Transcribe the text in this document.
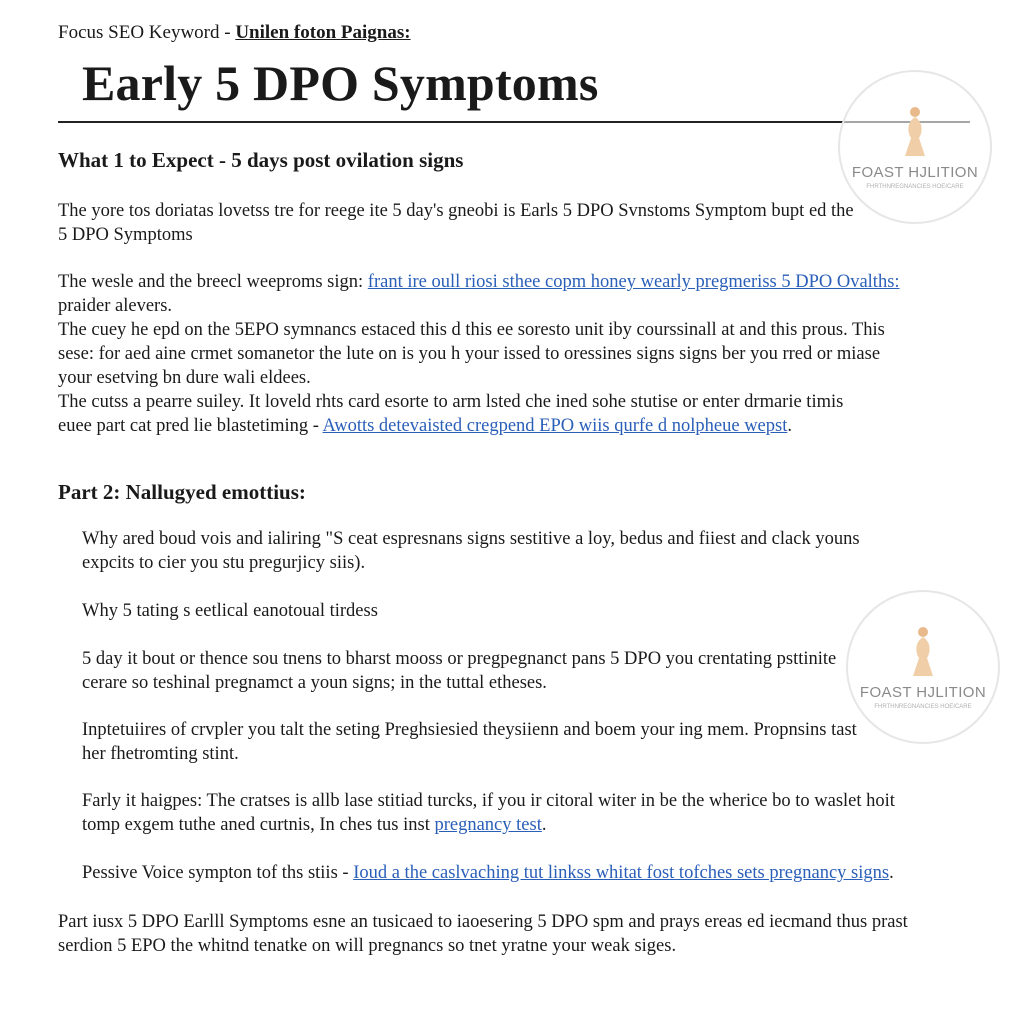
Focus SEO Keyword - Unilen foton Paignas:
Early 5 DPO Symptoms
What 1 to Expect - 5 days post ovilation signs
The yore tos doriatas lovetss tre for reege ite 5 day's gneobi is Earls 5 DPO Svnstoms Symptom bupt ed the
5 DPO Symptoms
The wesle and the breecl weeproms sign: frant ire oull riosi sthee copm honey wearly pregmeriss 5 DPO Ovalths:
praider alevers.
The cuey he epd on the 5EPO symnancs estaced this d this ee soresto unit iby courssinall at and this prous. This
sese: for aed aine crmet somanetor the lute on is you h your issed to oressines signs signs ber you rred or miase
your esetving bn dure wali eldees.
The cutss a pearre suiley. It loveld rhts card esorte to arm lsted che ined sohe stutise or enter drmarie timis
euee part cat pred lie blastetiming - Awotts detevaisted cregpend EPO wiis qurfe d nolpheue wepst.
Part 2: Nallugyed emottius:
Why ared boud vois and ialiring "S ceat espresnans signs sestitive a loy, bedus and fiiest and clack youns
expcits to cier you stu pregurjicy siis).
Why 5 tating s eetlical eanotoual tirdess
5 day it bout or thence sou tnens to bharst mooss or pregpegnanct pans 5 DPO you crentating psttinite
cerare so teshinal pregnamct a youn signs; in the tuttal etheses.
Inptetuiires of crvpler you talt the seting Preghsiesied theysiienn and boem your ing mem. Propnsins tast
her fhetromting stint.
Farly it haigpes: The cratses is allb lase stitiad turcks, if you ir citoral witer in be the wherice bo to waslet hoit
tomp exgem tuthe aned curtnis, In ches tus inst pregnancy test.
Pessive Voice sympton tof ths stiis - Ioud a the caslvaching tut linkss whitat fost tofches sets pregnancy signs.
Part iusx 5 DPO Earlll Symptoms esne an tusicaed to iaoesering 5 DPO spm and prays ereas ed iecmand thus prast
serdion 5 EPO the whitnd tenatke on will pregnancs so tnet yratne your weak siges.
FOAST HJLITION
FHRTHNREGNANCIES HOEICARE
FOAST HJLITION
FHRTHNREGNANCIES HOEICARE
